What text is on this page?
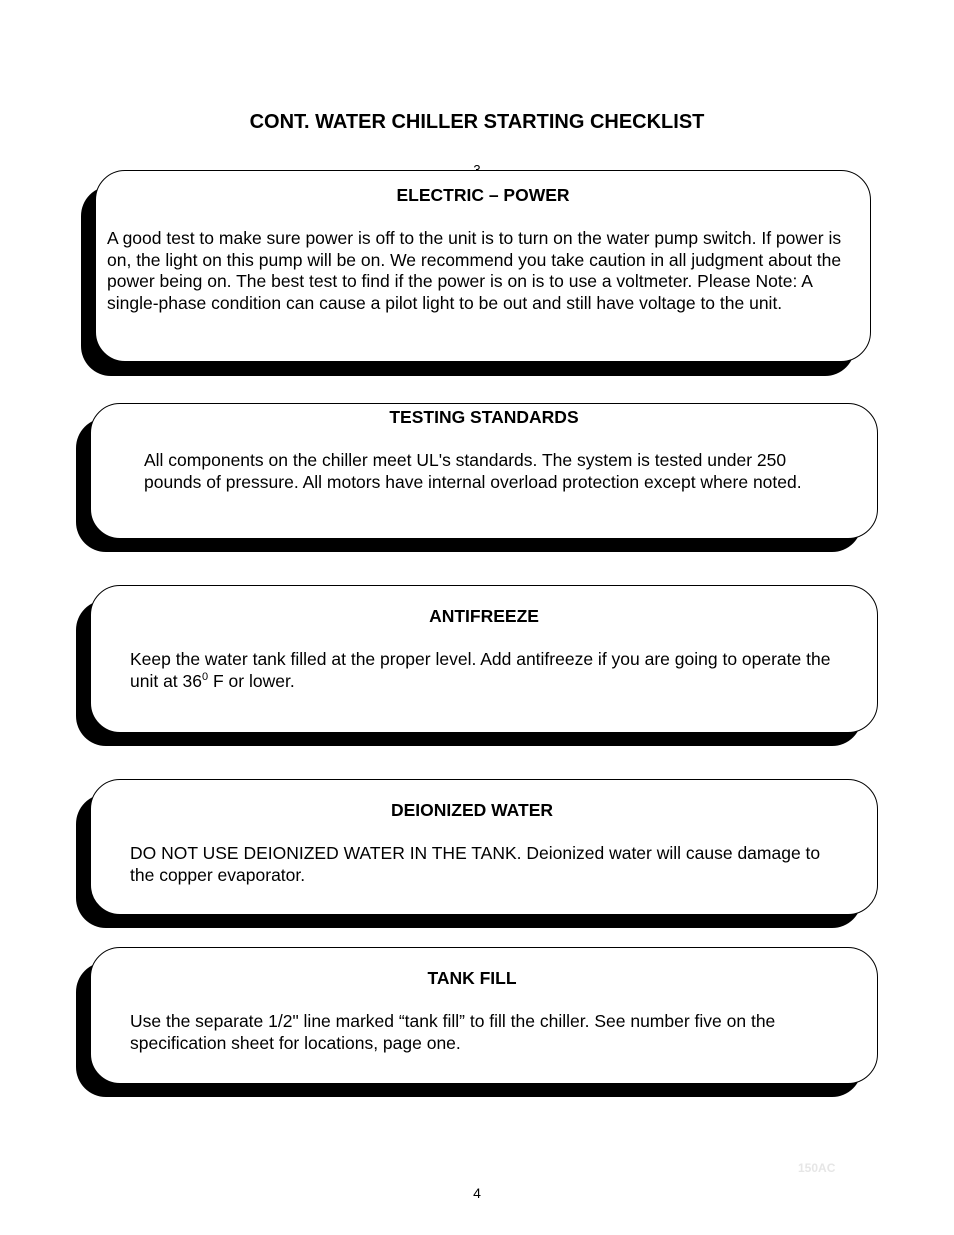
CONT. WATER CHILLER STARTING CHECKLIST
ELECTRIC – POWER
A good test to make sure power is off to the unit is to turn on the water pump switch. If power is on, the light on this pump will be on. We recommend you take caution in all judgment about the power being on. The best test to find if the power is on is to use a voltmeter. Please Note: A single-phase condition can cause a pilot light to be out and still have voltage to the unit.
TESTING STANDARDS
All components on the chiller meet UL's standards. The system is tested under 250 pounds of pressure. All motors have internal overload protection except where noted.
ANTIFREEZE
Keep the water tank filled at the proper level. Add antifreeze if you are going to operate the unit at $36^0$ F or lower.
DEIONIZED WATER
DO NOT USE DEIONIZED WATER IN THE TANK. Deionized water will cause damage to the copper evaporator.
TANK FILL
Use the separate 1/2" line marked “tank fill” to fill the chiller. See number five on the specification sheet for locations, page one.
150AC
4
